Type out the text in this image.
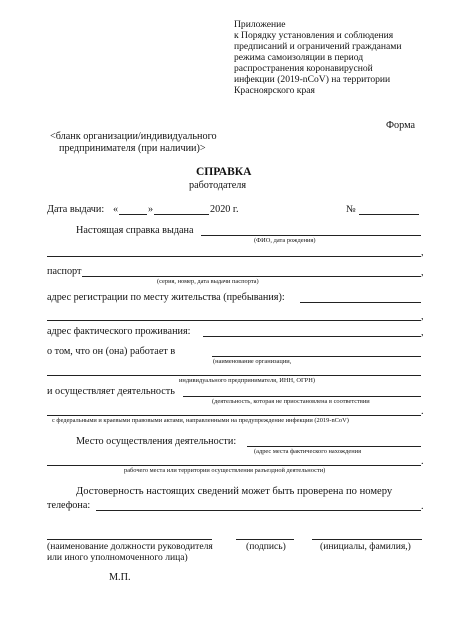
Приложение
к Порядку установления и соблюдения
предписаний и ограничений гражданами
режима самоизоляции в период
распространения коронавирусной
инфекции (2019-nCoV) на территории
Красноярского края
Форма
<бланк организации/индивидуального
предпринимателя (при наличии)>
СПРАВКА
работодателя
Дата выдачи: «	»	2020 г.	№
Настоящая справка выдана
(ФИО, дата рождения)
,
паспорт	,
(серия, номер, дата выдачи паспорта)
адрес регистрации по месту жительства (пребывания):
,
адрес фактического проживания:	,
о том, что он (она) работает в
(наименование организации,
индивидуального предпринимателя, ИНН, ОГРН)
и осуществляет деятельность
(деятельность, которая не приостановлена в соответствии
.
с федеральными и краевыми правовыми актами, направленными на предупреждение инфекции (2019-nCoV)
Место осуществления деятельности:
(адрес места фактического нахождения
.
рабочего места или территории осуществления разъездной деятельности)
Достоверность настоящих сведений может быть проверена по номеру
телефона:	.
(наименование должности руководителя	(подпись)	(инициалы, фамилия,)
или иного уполномоченного лица)
М.П.
